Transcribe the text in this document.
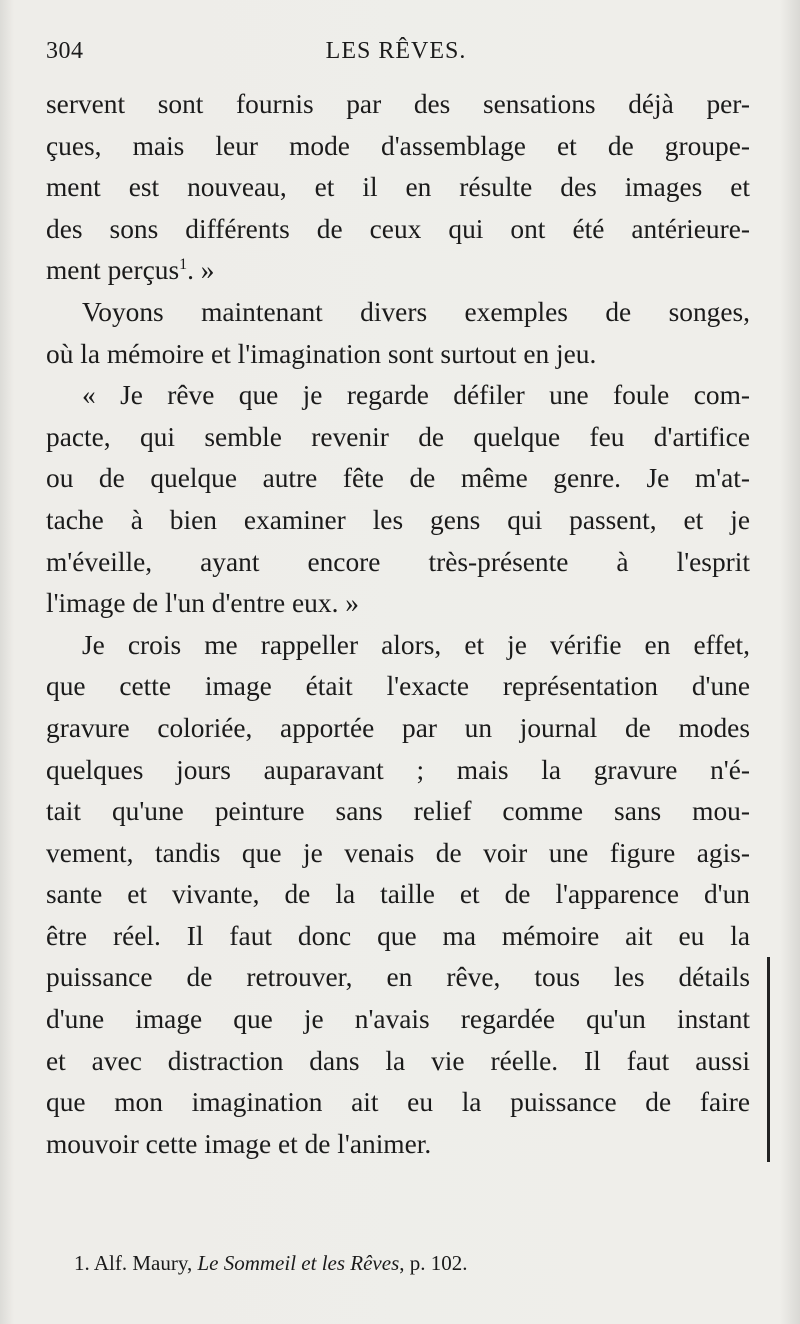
304	LES RÊVES.

servent sont fournis par des sensations déjà per-
çues, mais leur mode d'assemblage et de groupe-
ment est nouveau, et il en résulte des images et
des sons différents de ceux qui ont été antérieure-
ment perçus$^1$. »

Voyons maintenant divers exemples de songes,
où la mémoire et l'imagination sont surtout en jeu.

« Je rêve que je regarde défiler une foule com-
pacte, qui semble revenir de quelque feu d'artifice
ou de quelque autre fête de même genre. Je m'at-
tache à bien examiner les gens qui passent, et je
m'éveille, ayant encore très-présente à l'esprit
l'image de l'un d'entre eux. »

Je crois me rappeller alors, et je vérifie en effet,
que cette image était l'exacte représentation d'une
gravure coloriée, apportée par un journal de modes
quelques jours auparavant ; mais la gravure n'é-
tait qu'une peinture sans relief comme sans mou-
vement, tandis que je venais de voir une figure agis-
sante et vivante, de la taille et de l'apparence d'un
être réel. Il faut donc que ma mémoire ait eu la
puissance de retrouver, en rêve, tous les détails
d'une image que je n'avais regardée qu'un instant
et avec distraction dans la vie réelle. Il faut aussi
que mon imagination ait eu la puissance de faire
mouvoir cette image et de l'animer.

1. Alf. Maury, Le Sommeil et les Rêves, p. 102.
